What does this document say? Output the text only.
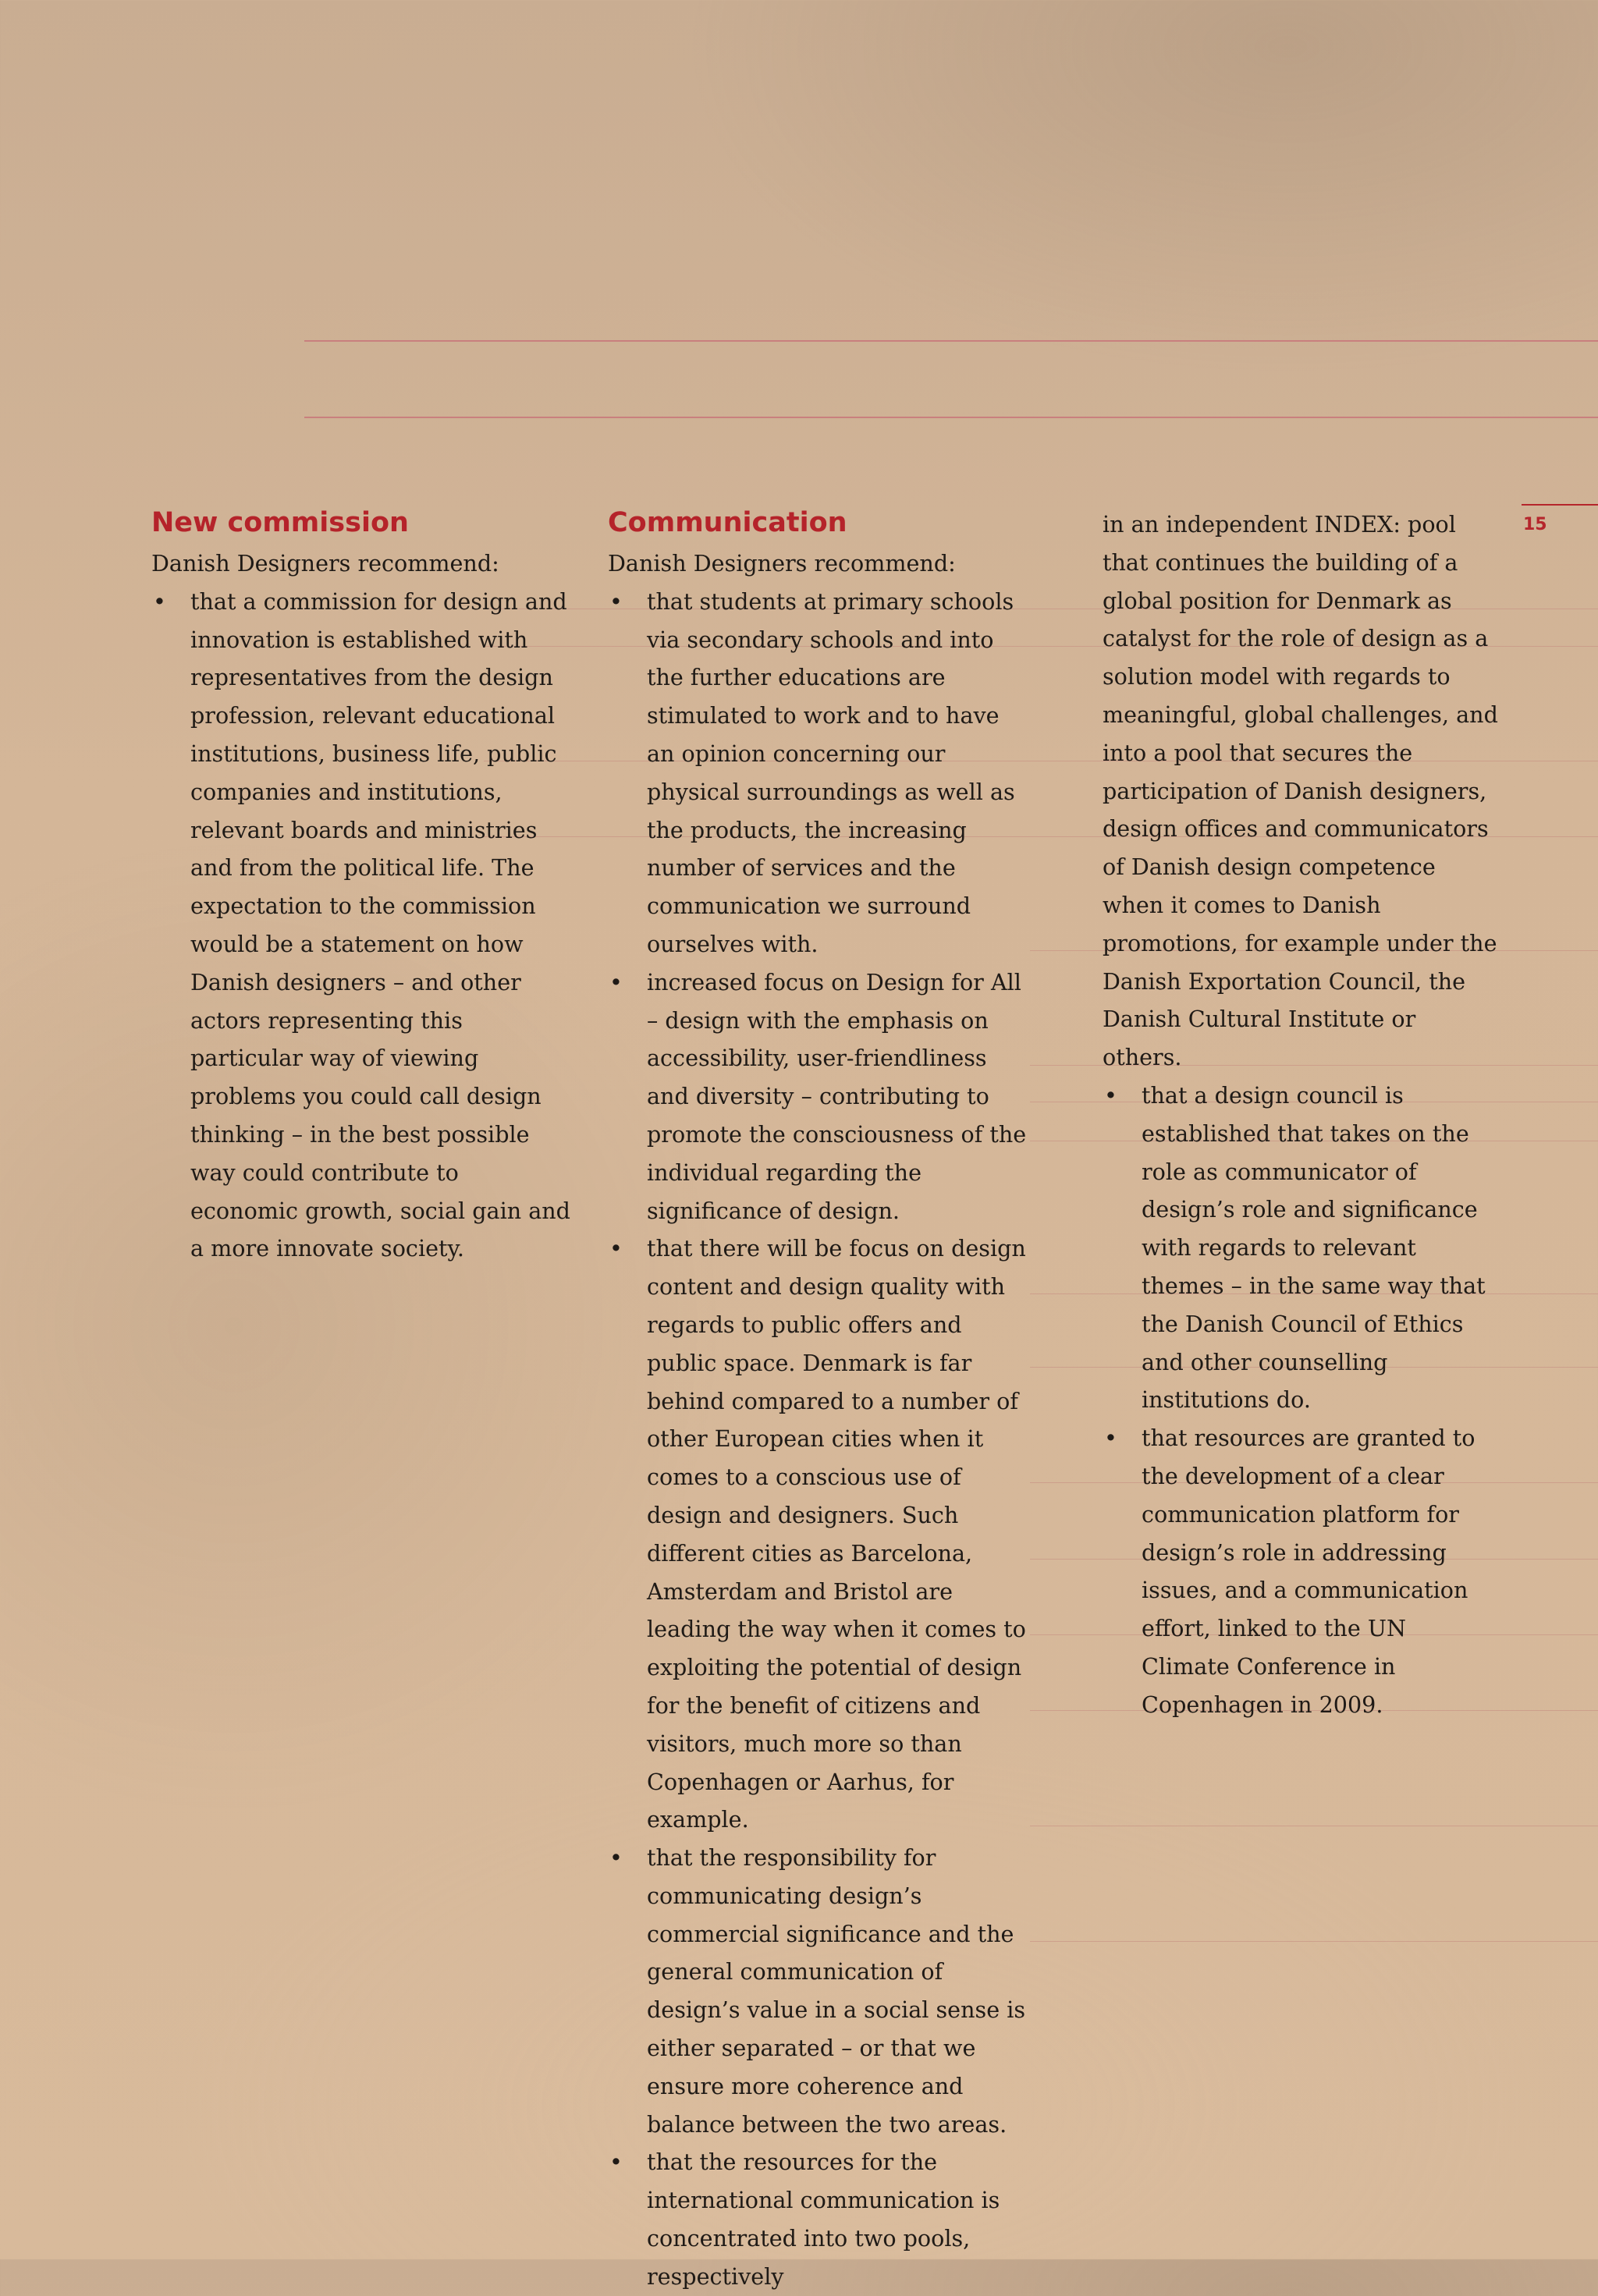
15
New commission

Danish Designers recommend:

• that a commission for design and innovation is established with representatives from the design profession, relevant educational institutions, business life, public companies and institutions, relevant boards and ministries and from the political life. The expectation to the commission would be a statement on how Danish designers – and other actors representing this particular way of viewing problems you could call design thinking – in the best possible way could contribute to economic growth, social gain and a more innovate society.
Communication

Danish Designers recommend:

• that students at primary schools via secondary schools and into the further educations are stimulated to work and to have an opinion concerning our physical surroundings as well as the products, the increasing number of services and the communication we surround ourselves with.
• increased focus on Design for All – design with the emphasis on accessibility, user-friendliness and diversity – contributing to promote the consciousness of the individual regarding the significance of design.
• that there will be focus on design content and design quality with regards to public offers and public space. Denmark is far behind compared to a number of other European cities when it comes to a conscious use of design and designers. Such different cities as Barcelona, Amsterdam and Bristol are leading the way when it comes to exploiting the potential of design for the benefit of citizens and visitors, much more so than Copenhagen or Aarhus, for example.
• that the responsibility for communicating design’s commercial significance and the general communication of design’s value in a social sense is either separated – or that we ensure more coherence and balance between the two areas.
• that the resources for the international communication is concentrated into two pools, respectively

in an independent INDEX: pool that continues the building of a global position for Denmark as catalyst for the role of design as a solution model with regards to meaningful, global challenges, and into a pool that secures the participation of Danish designers, design offices and communicators of Danish design competence when it comes to Danish promotions, for example under the Danish Exportation Council, the Danish Cultural Institute or others.

• that a design council is established that takes on the role as communicator of design’s role and significance with regards to relevant themes – in the same way that the Danish Council of Ethics and other counselling institutions do.
• that resources are granted to the development of a clear communication platform for design’s role in addressing issues, and a communication effort, linked to the UN Climate Conference in Copenhagen in 2009.
